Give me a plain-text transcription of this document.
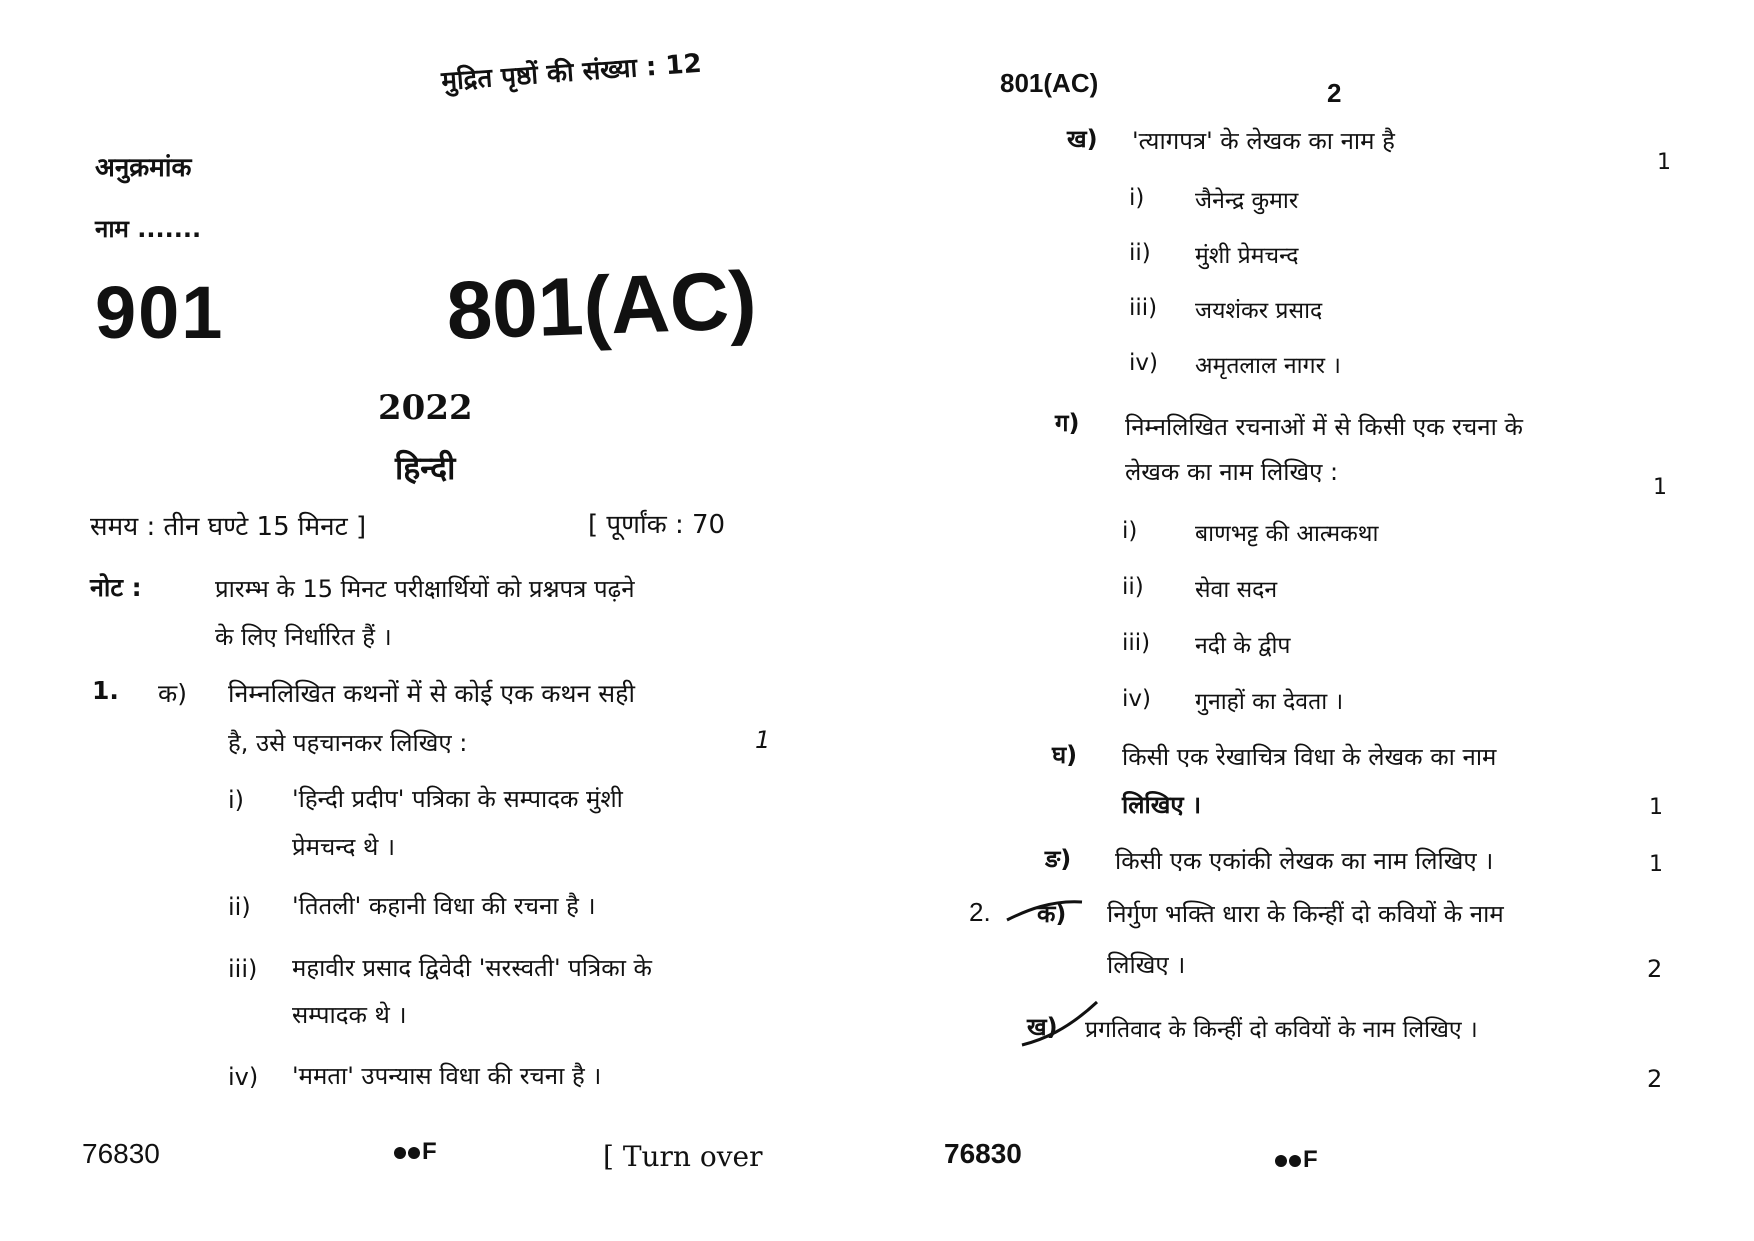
मुद्रित पृष्ठों की संख्या : 12
अनुक्रमांक
नाम .......
901	801(AC)
2022
हिन्दी
समय : तीन घण्टे 15 मिनट ]	[ पूर्णांक : 70
नोट :	प्रारम्भ के 15 मिनट परीक्षार्थियों को प्रश्नपत्र पढ़ने
के लिए निर्धारित हैं ।
1. क) निम्नलिखित कथनों में से कोई एक कथन सही
है, उसे पहचानकर लिखिए :	1
i) 'हिन्दी प्रदीप' पत्रिका के सम्पादक मुंशी
प्रेमचन्द थे ।
ii) 'तितली' कहानी विधा की रचना है ।
iii) महावीर प्रसाद द्विवेदी 'सरस्वती' पत्रिका के
सम्पादक थे ।
iv) 'ममता' उपन्यास विधा की रचना है ।
76830	F	[ Turn over
801(AC)	2
ख) 'त्यागपत्र' के लेखक का नाम है
1
i) जैनेन्द्र कुमार
ii) मुंशी प्रेमचन्द
iii) जयशंकर प्रसाद
iv) अमृतलाल नागर ।
ग) निम्नलिखित रचनाओं में से किसी एक रचना के
लेखक का नाम लिखिए :
1
i)	बाणभट्ट की आत्मकथा
ii) सेवा सदन
iii) नदी के द्वीप
iv) गुनाहों का देवता ।
घ) किसी एक रेखाचित्र विधा के लेखक का नाम
लिखिए ।	1
ङ) किसी एक एकांकी लेखक का नाम लिखिए ।	1
2. क) निर्गुण भक्ति धारा के किन्हीं दो कवियों के नाम
लिखिए ।	2
ख) प्रगतिवाद के किन्हीं दो कवियों के नाम लिखिए ।
2
76830	F
